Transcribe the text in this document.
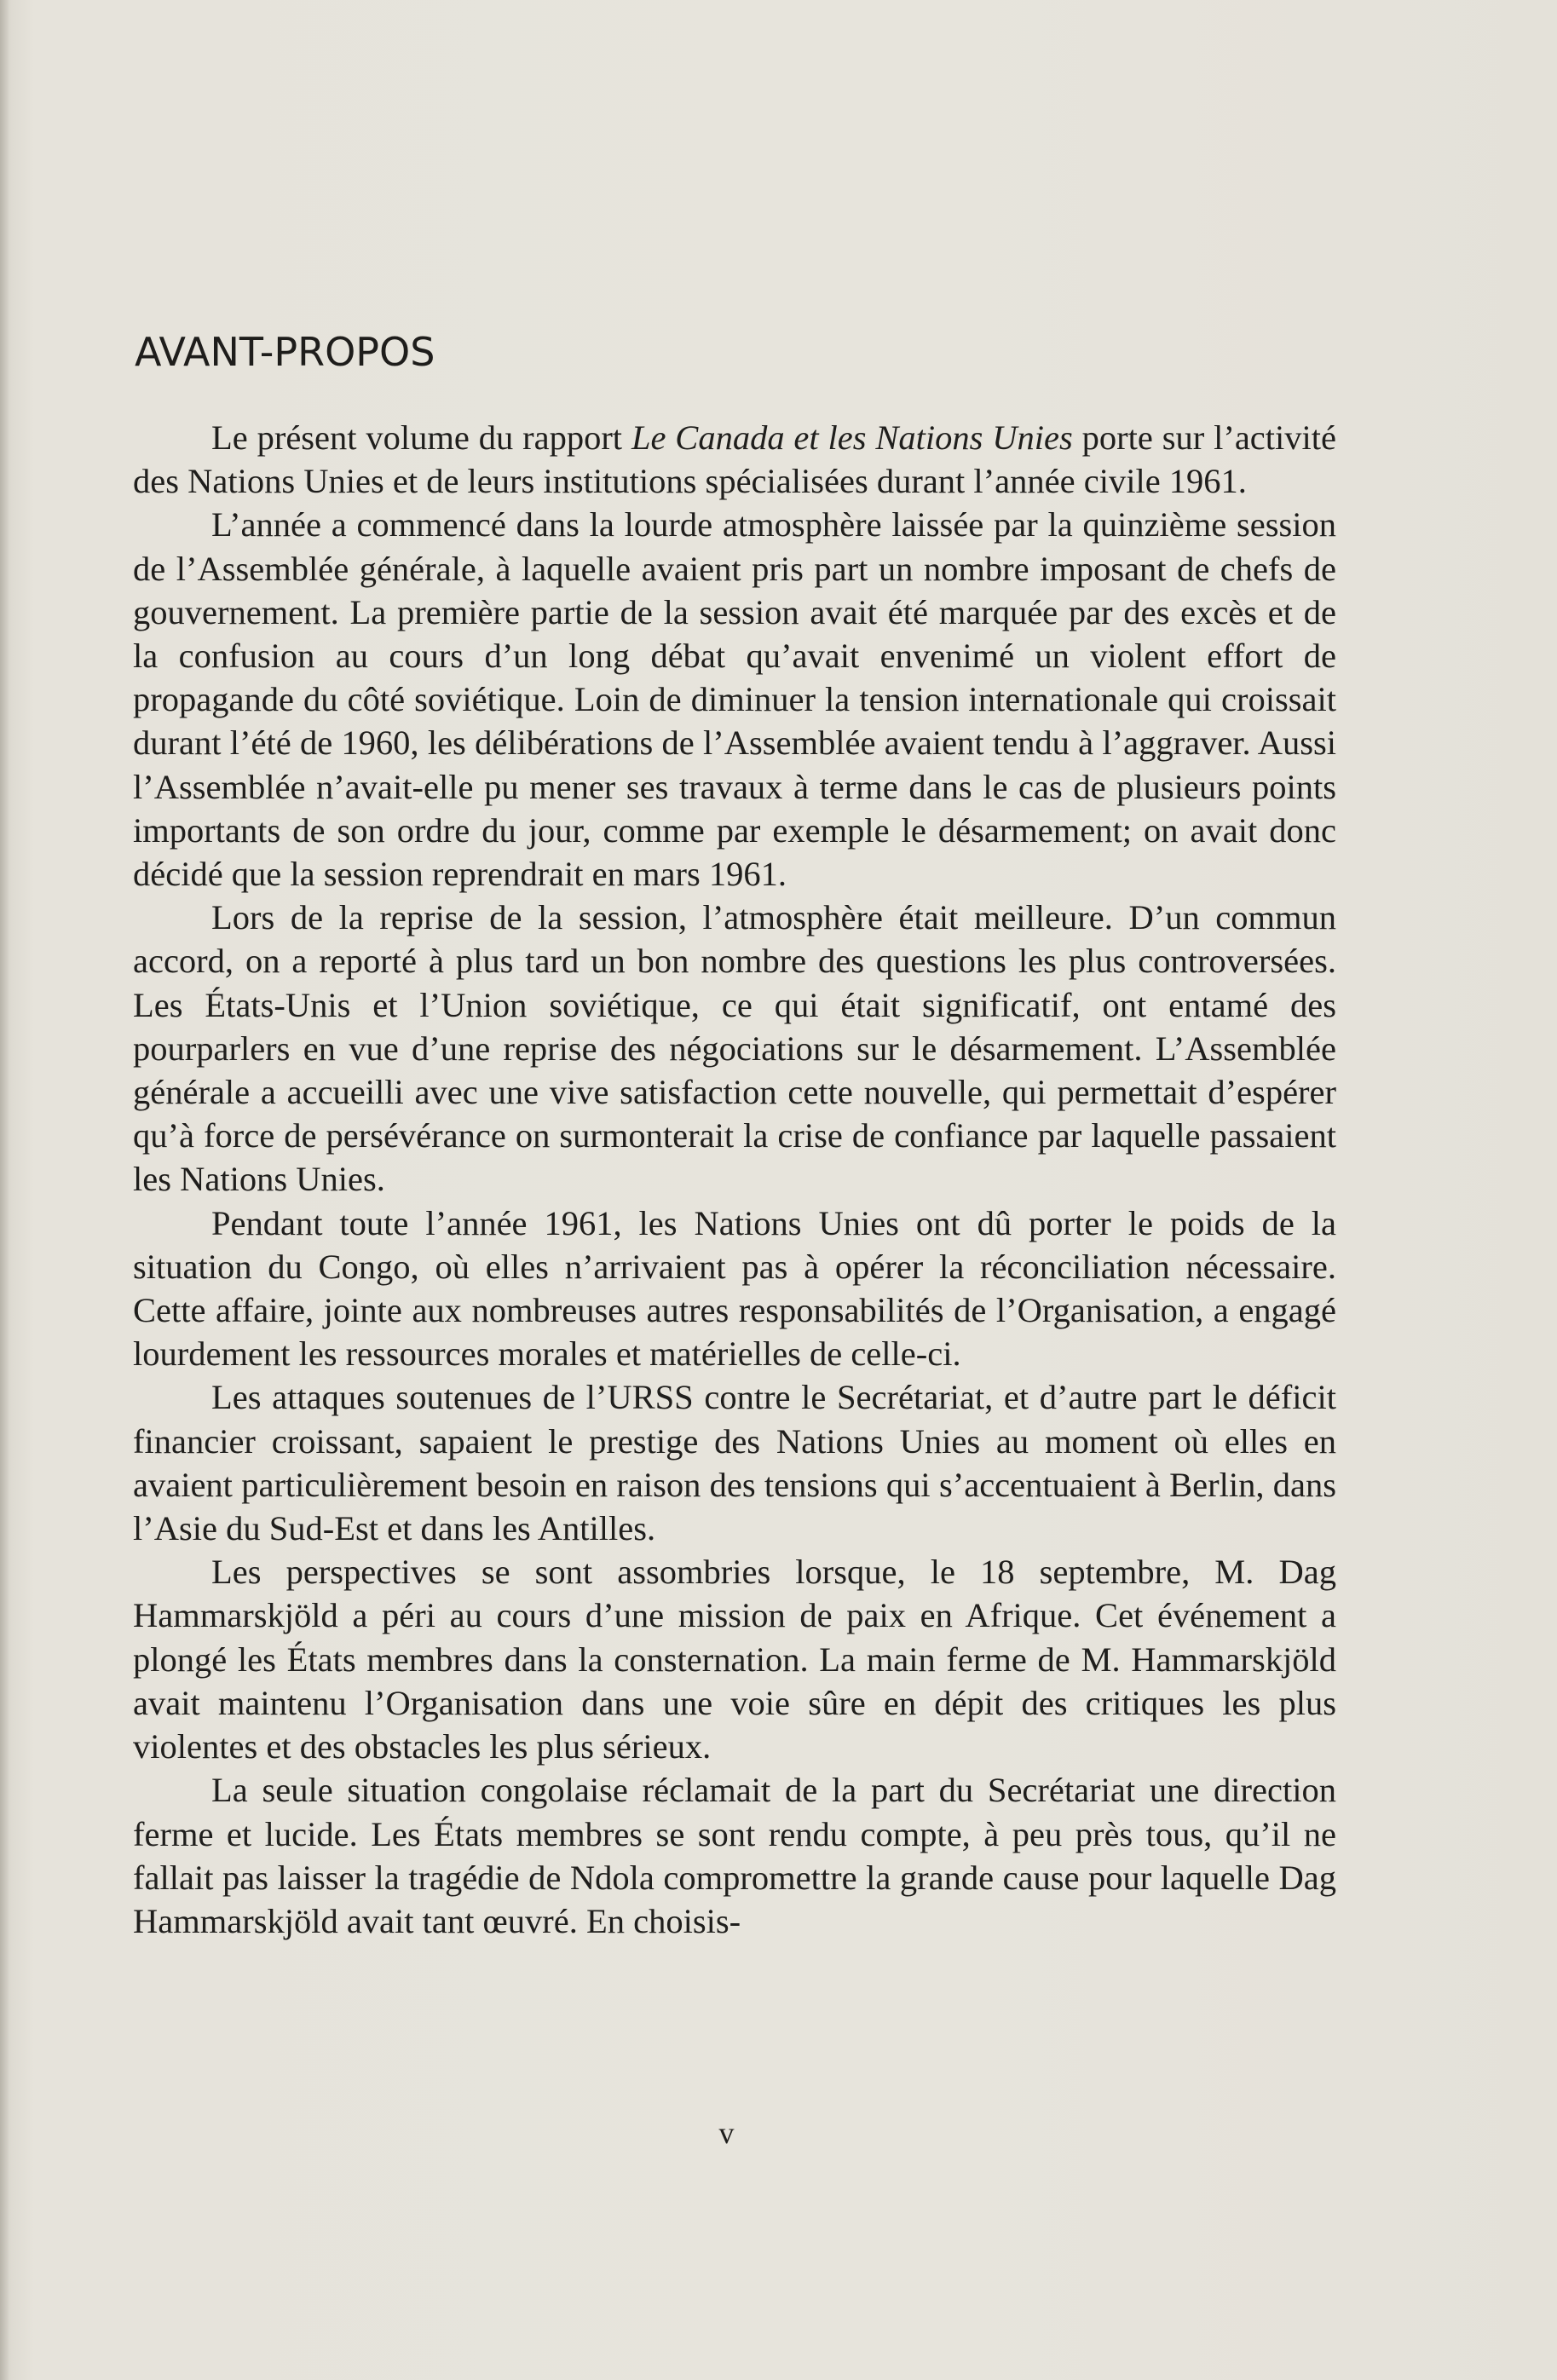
AVANT-PROPOS

Le présent volume du rapport Le Canada et les Nations Unies porte sur l’activité des Nations Unies et de leurs institutions spécialisées durant l’année civile 1961.

L’année a commencé dans la lourde atmosphère laissée par la quinzième session de l’Assemblée générale, à laquelle avaient pris part un nombre imposant de chefs de gouvernement. La première partie de la session avait été marquée par des excès et de la confusion au cours d’un long débat qu’avait envenimé un violent effort de propagande du côté soviétique. Loin de diminuer la tension internationale qui croissait durant l’été de 1960, les délibérations de l’Assemblée avaient tendu à l’aggraver. Aussi l’Assemblée n’avait-elle pu mener ses travaux à terme dans le cas de plusieurs points importants de son ordre du jour, comme par exemple le désarmement; on avait donc décidé que la session reprendrait en mars 1961.

Lors de la reprise de la session, l’atmosphère était meilleure. D’un commun accord, on a reporté à plus tard un bon nombre des questions les plus controversées. Les États-Unis et l’Union soviétique, ce qui était significatif, ont entamé des pourparlers en vue d’une reprise des négociations sur le désarmement. L’Assemblée générale a accueilli avec une vive satisfaction cette nouvelle, qui permettait d’espérer qu’à force de persévérance on surmonterait la crise de confiance par laquelle passaient les Nations Unies.

Pendant toute l’année 1961, les Nations Unies ont dû porter le poids de la situation du Congo, où elles n’arrivaient pas à opérer la réconciliation nécessaire. Cette affaire, jointe aux nombreuses autres responsabilités de l’Organisation, a engagé lourdement les ressources morales et matérielles de celle-ci.

Les attaques soutenues de l’URSS contre le Secrétariat, et d’autre part le déficit financier croissant, sapaient le prestige des Nations Unies au moment où elles en avaient particulièrement besoin en raison des tensions qui s’accentuaient à Berlin, dans l’Asie du Sud-Est et dans les Antilles.

Les perspectives se sont assombries lorsque, le 18 septembre, M. Dag Hammarskjöld a péri au cours d’une mission de paix en Afrique. Cet événement a plongé les États membres dans la consternation. La main ferme de M. Hammarskjöld avait maintenu l’Organisation dans une voie sûre en dépit des critiques les plus violentes et des obstacles les plus sérieux.

La seule situation congolaise réclamait de la part du Secrétariat une direction ferme et lucide. Les États membres se sont rendu compte, à peu près tous, qu’il ne fallait pas laisser la tragédie de Ndola compromettre la grande cause pour laquelle Dag Hammarskjöld avait tant œuvré. En choisis-

v
